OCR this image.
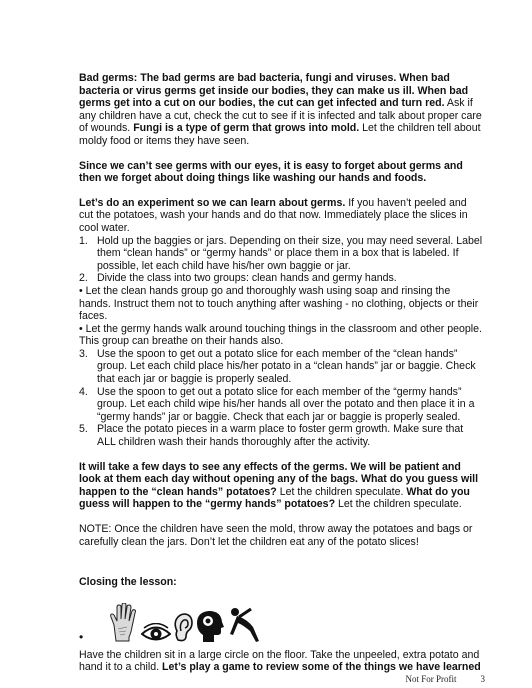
Bad germs: The bad germs are bad bacteria, fungi and viruses. When bad bacteria or virus germs get inside our bodies, they can make us ill. When bad germs get into a cut on our bodies, the cut can get infected and turn red. Ask if any children have a cut, check the cut to see if it is infected and talk about proper care of wounds. Fungi is a type of germ that grows into mold. Let the children tell about moldy food or items they have seen.

Since we can’t see germs with our eyes, it is easy to forget about germs and then we forget about doing things like washing our hands and foods.

Let’s do an experiment so we can learn about germs. If you haven’t peeled and cut the potatoes, wash your hands and do that now. Immediately place the slices in cool water.
1. Hold up the baggies or jars. Depending on their size, you may need several. Label them “clean hands” or “germy hands” or place them in a box that is labeled. If possible, let each child have his/her own baggie or jar.
2. Divide the class into two groups: clean hands and germy hands.
• Let the clean hands group go and thoroughly wash using soap and rinsing the hands. Instruct them not to touch anything after washing - no clothing, objects or their faces.
• Let the germy hands walk around touching things in the classroom and other people. This group can breathe on their hands also.
3. Use the spoon to get out a potato slice for each member of the “clean hands” group. Let each child place his/her potato in a “clean hands” jar or baggie. Check that each jar or baggie is properly sealed.
4. Use the spoon to get out a potato slice for each member of the “germy hands” group. Let each child wipe his/her hands all over the potato and then place it in a “germy hands” jar or baggie. Check that each jar or baggie is properly sealed.
5. Place the potato pieces in a warm place to foster germ growth. Make sure that ALL children wash their hands thoroughly after the activity.

It will take a few days to see any effects of the germs. We will be patient and look at them each day without opening any of the bags. What do you guess will happen to the “clean hands” potatoes? Let the children speculate. What do you guess will happen to the “germy hands” potatoes? Let the children speculate.

NOTE: Once the children have seen the mold, throw away the potatoes and bags or carefully clean the jars. Don’t let the children eat any of the potato slices!

Closing the lesson:
•
Have the children sit in a large circle on the floor. Take the unpeeled, extra potato and hand it to a child. Let’s play a game to review some of the things we have learned
Not For Profit	3
